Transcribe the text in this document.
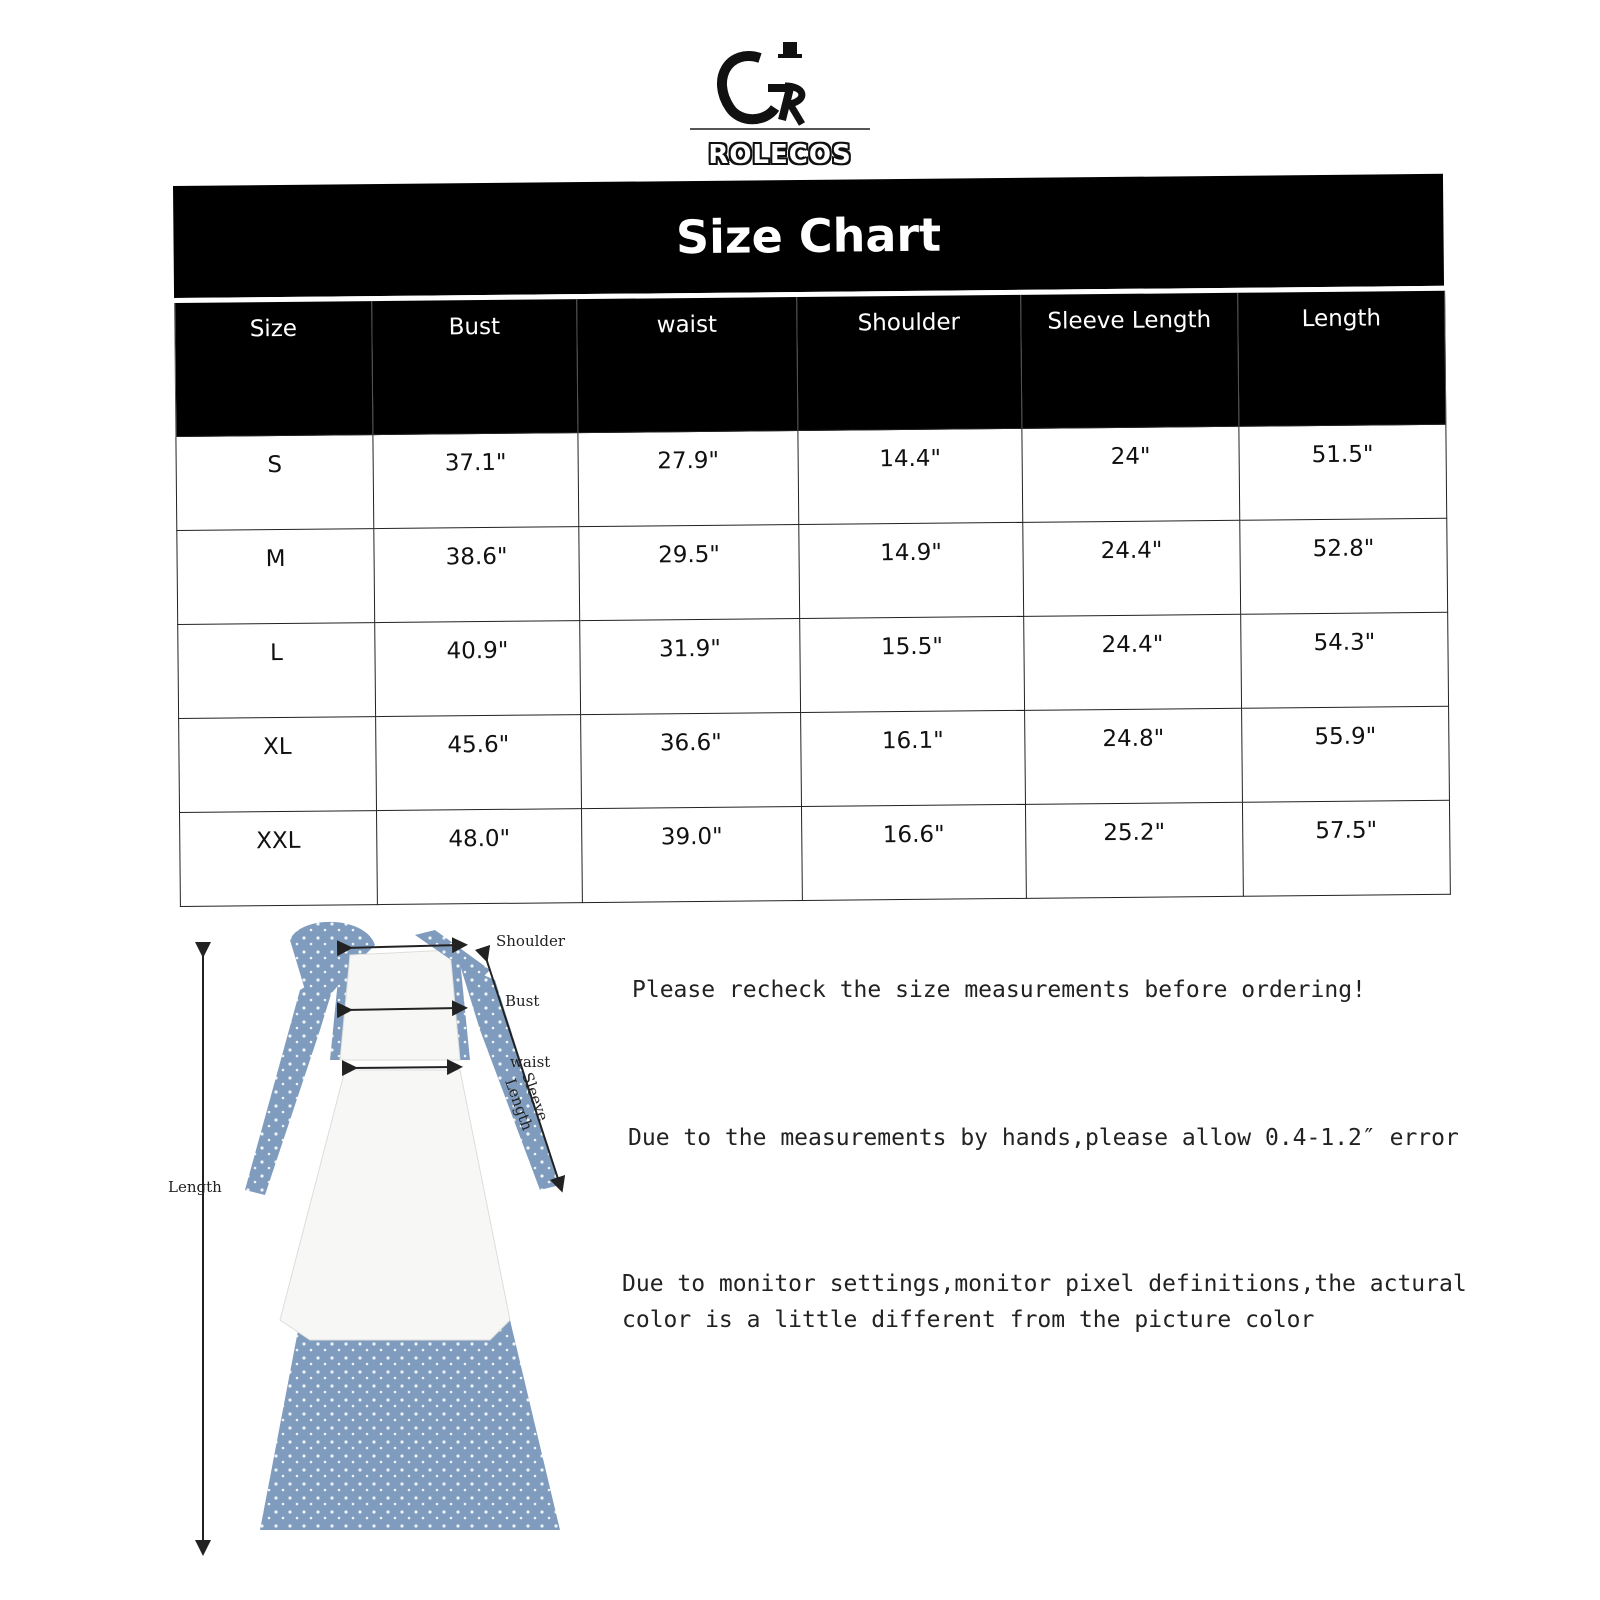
ROLECOS
Size Chart
Size	Bust	waist	Shoulder	Sleeve Length	Length
S	37.1"	27.9"	14.4"	24"	51.5"
M	38.6"	29.5"	14.9"	24.4"	52.8"
L	40.9"	31.9"	15.5"	24.4"	54.3"
XL	45.6"	36.6"	16.1"	24.8"	55.9"
XXL	48.0"	39.0"	16.6"	25.2"	57.5"
Shoulder
Bust
waist
Sleeve Length
Length
Please recheck the size measurements before ordering!
Due to the measurements by hands,please allow 0.4-1.2″ error
Due to monitor settings,monitor pixel definitions,the actural
color is a little different from the picture color
